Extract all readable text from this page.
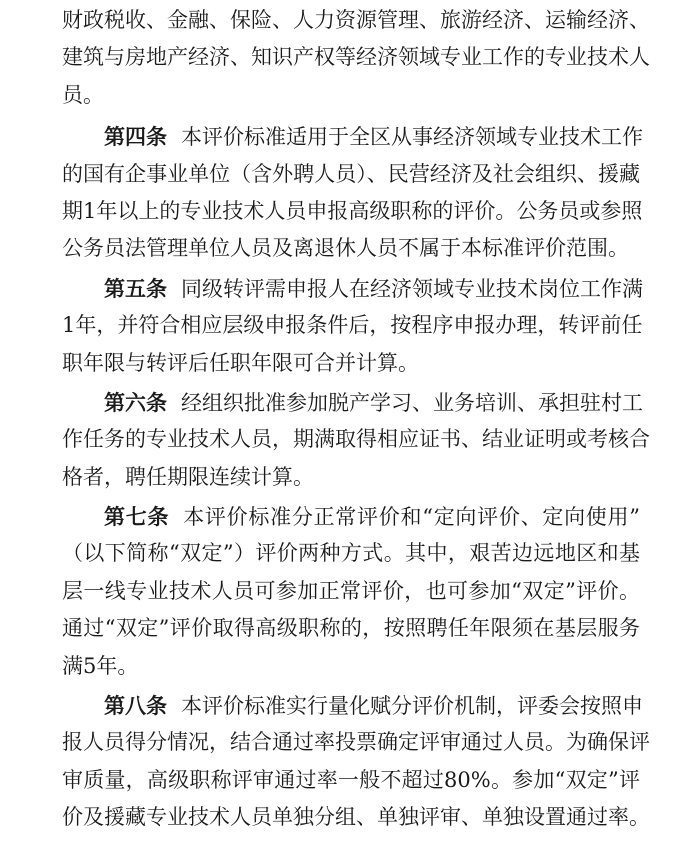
财政税收、金融、保险、人力资源管理、旅游经济、运输经济、
建筑与房地产经济、知识产权等经济领域专业工作的专业技术人
员。
第四条 本评价标准适用于全区从事经济领域专业技术工作
的国有企事业单位（含外聘人员）、民营经济及社会组织、援藏
期1年以上的专业技术人员申报高级职称的评价。公务员或参照
公务员法管理单位人员及离退休人员不属于本标准评价范围。
第五条 同级转评需申报人在经济领域专业技术岗位工作满
1年，并符合相应层级申报条件后，按程序申报办理，转评前任
职年限与转评后任职年限可合并计算。
第六条 经组织批准参加脱产学习、业务培训、承担驻村工
作任务的专业技术人员，期满取得相应证书、结业证明或考核合
格者，聘任期限连续计算。
第七条 本评价标准分正常评价和“定向评价、定向使用”
（以下简称“双定”）评价两种方式。其中，艰苦边远地区和基
层一线专业技术人员可参加正常评价，也可参加“双定”评价。
通过“双定”评价取得高级职称的，按照聘任年限须在基层服务
满5年。
第八条 本评价标准实行量化赋分评价机制，评委会按照申
报人员得分情况，结合通过率投票确定评审通过人员。为确保评
审质量，高级职称评审通过率一般不超过80%。参加“双定”评
价及援藏专业技术人员单独分组、单独评审、单独设置通过率。
